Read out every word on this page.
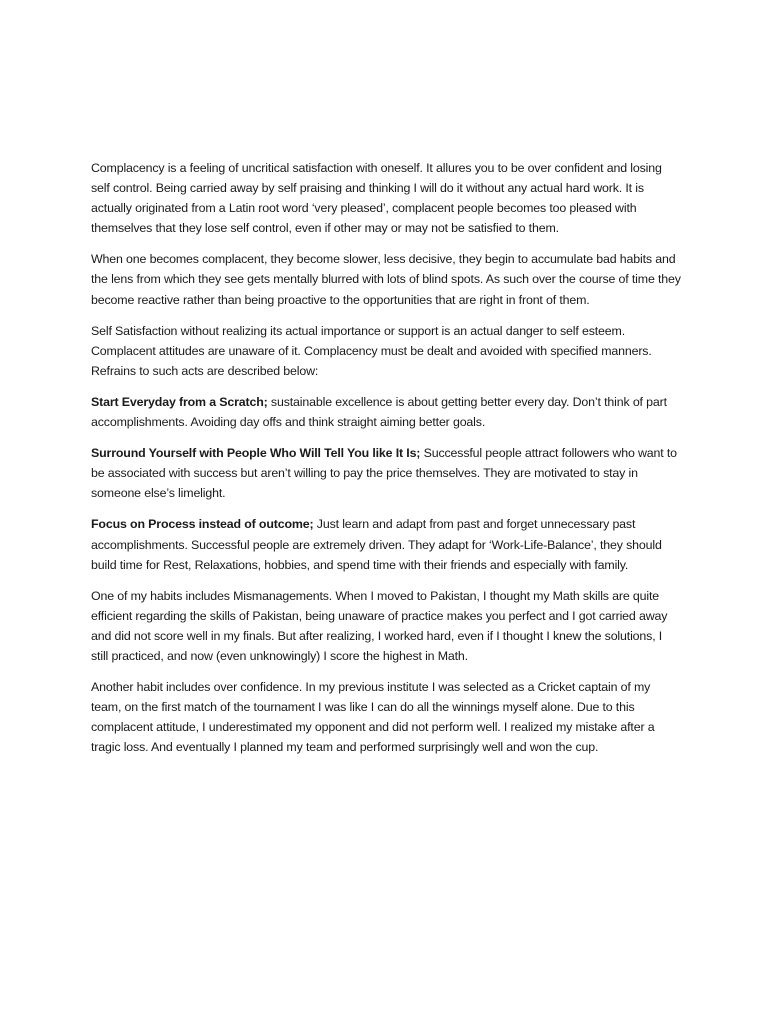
Complacency is a feeling of uncritical satisfaction with oneself. It allures you to be over confident and losing self control. Being carried away by self praising and thinking I will do it without any actual hard work. It is actually originated from a Latin root word ‘very pleased’, complacent people becomes too pleased with themselves that they lose self control, even if other may or may not be satisfied to them.

When one becomes complacent, they become slower, less decisive, they begin to accumulate bad habits and the lens from which they see gets mentally blurred with lots of blind spots. As such over the course of time they become reactive rather than being proactive to the opportunities that are right in front of them.

Self Satisfaction without realizing its actual importance or support is an actual danger to self esteem. Complacent attitudes are unaware of it. Complacency must be dealt and avoided with specified manners. Refrains to such acts are described below:

Start Everyday from a Scratch; sustainable excellence is about getting better every day. Don’t think of part accomplishments. Avoiding day offs and think straight aiming better goals.

Surround Yourself with People Who Will Tell You like It Is; Successful people attract followers who want to be associated with success but aren’t willing to pay the price themselves. They are motivated to stay in someone else’s limelight.

Focus on Process instead of outcome; Just learn and adapt from past and forget unnecessary past accomplishments. Successful people are extremely driven. They adapt for ‘Work-Life-Balance’, they should build time for Rest, Relaxations, hobbies, and spend time with their friends and especially with family.

One of my habits includes Mismanagements. When I moved to Pakistan, I thought my Math skills are quite efficient regarding the skills of Pakistan, being unaware of practice makes you perfect and I got carried away and did not score well in my finals. But after realizing, I worked hard, even if I thought I knew the solutions, I still practiced, and now (even unknowingly) I score the highest in Math.

Another habit includes over confidence. In my previous institute I was selected as a Cricket captain of my team, on the first match of the tournament I was like I can do all the winnings myself alone. Due to this complacent attitude, I underestimated my opponent and did not perform well. I realized my mistake after a tragic loss. And eventually I planned my team and performed surprisingly well and won the cup.
